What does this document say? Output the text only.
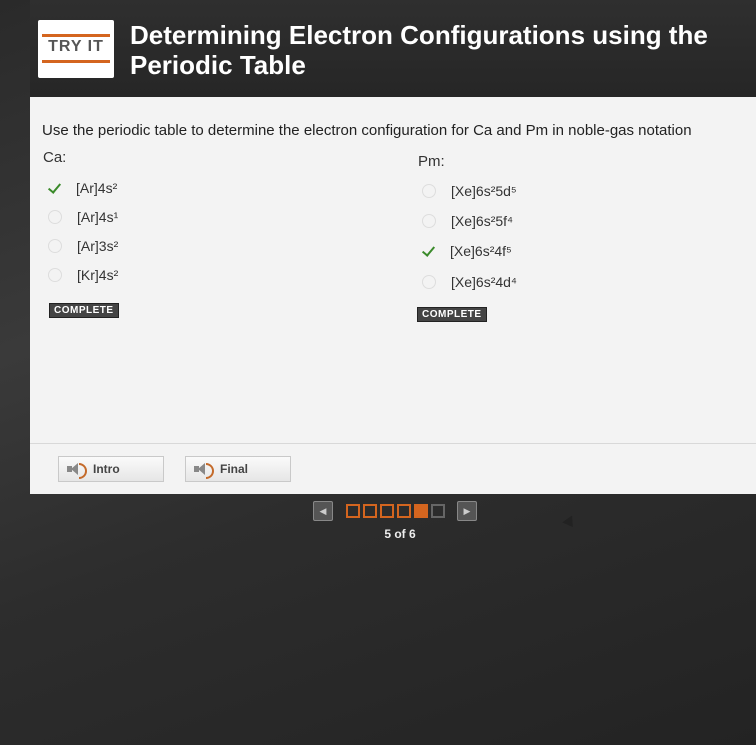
TRY IT	Determining Electron Configurations using the Periodic Table
Use the periodic table to determine the electron configuration for Ca and Pm in noble-gas notation
Ca:	Pm:
[Ar]4s²
[Ar]4s¹
[Ar]3s²
[Kr]4s²
COMPLETE
[Xe]6s²5d⁵
[Xe]6s²5f⁴
[Xe]6s²4f⁵
[Xe]6s²4d⁴
COMPLETE
Intro	Final
◀	▶
5 of 6
